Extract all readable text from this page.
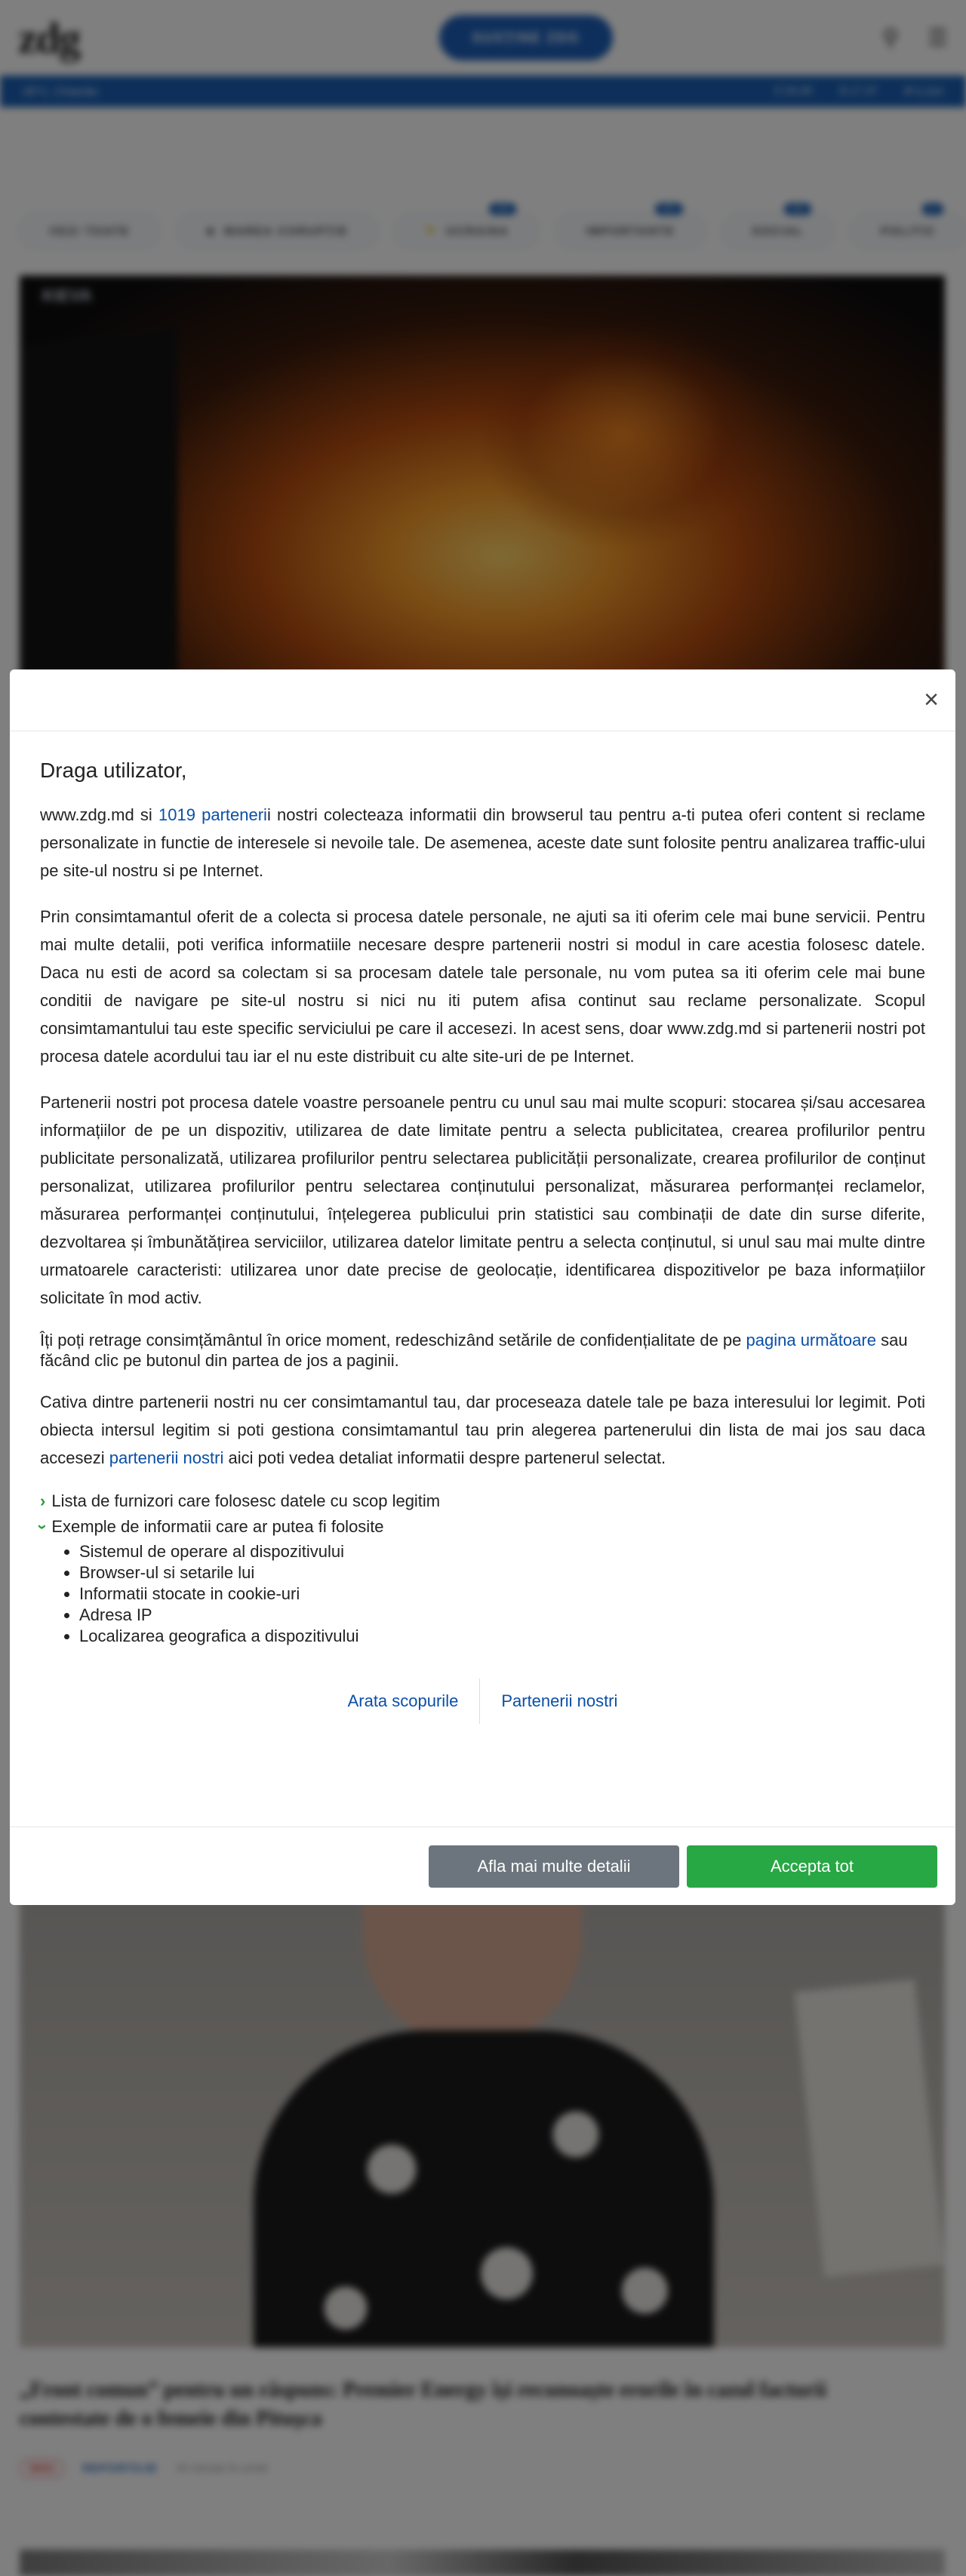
×
Draga utilizator,

www.zdg.md si 1019 partenerii nostri colecteaza informatii din browserul tau pentru a-ti putea oferi content si reclame personalizate in functie de interesele si nevoile tale. De asemenea, aceste date sunt folosite pentru analizarea traffic-ului pe site-ul nostru si pe Internet.

Prin consimtamantul oferit de a colecta si procesa datele personale, ne ajuti sa iti oferim cele mai bune servicii. Pentru mai multe detalii, poti verifica informatiile necesare despre partenerii nostri si modul in care acestia folosesc datele. Daca nu esti de acord sa colectam si sa procesam datele tale personale, nu vom putea sa iti oferim cele mai bune conditii de navigare pe site-ul nostru si nici nu iti putem afisa continut sau reclame personalizate. Scopul consimtamantului tau este specific serviciului pe care il accesezi. In acest sens, doar www.zdg.md si partenerii nostri pot procesa datele acordului tau iar el nu este distribuit cu alte site-uri de pe Internet.

Partenerii nostri pot procesa datele voastre persoanele pentru cu unul sau mai multe scopuri: stocarea și/sau accesarea informațiilor de pe un dispozitiv, utilizarea de date limitate pentru a selecta publicitatea, crearea profilurilor pentru publicitate personalizată, utilizarea profilurilor pentru selectarea publicității personalizate, crearea profilurilor de conținut personalizat, utilizarea profilurilor pentru selectarea conținutului personalizat, măsurarea performanței reclamelor, măsurarea performanței conținutului, înțelegerea publicului prin statistici sau combinații de date din surse diferite, dezvoltarea și îmbunătățirea serviciilor, utilizarea datelor limitate pentru a selecta conținutul, si unul sau mai multe dintre urmatoarele caracteristi: utilizarea unor date precise de geolocație, identificarea dispozitivelor pe baza informațiilor solicitate în mod activ.

Îți poți retrage consimțământul în orice moment, redeschizând setările de confidențialitate de pe pagina următoare sau făcând clic pe butonul din partea de jos a paginii.

Cativa dintre partenerii nostri nu cer consimtamantul tau, dar proceseaza datele tale pe baza interesului lor legimit. Poti obiecta intersul legitim si poti gestiona consimtamantul tau prin alegerea partenerului din lista de mai jos sau daca accesezi partenerii nostri aici poti vedea detaliat informatii despre partenerul selectat.

› Lista de furnizori care folosesc datele cu scop legitim
›
Exemple de informatii care ar putea fi folosite
• Sistemul de operare al dispozitivului
• Browser-ul si setarile lui
• Informatii stocate in cookie-uri
• Adresa IP
• Localizarea geografica a dispozitivului
Arata scopurile	Partenerii nostri
Afla mai multe detalii	Accepta tot
